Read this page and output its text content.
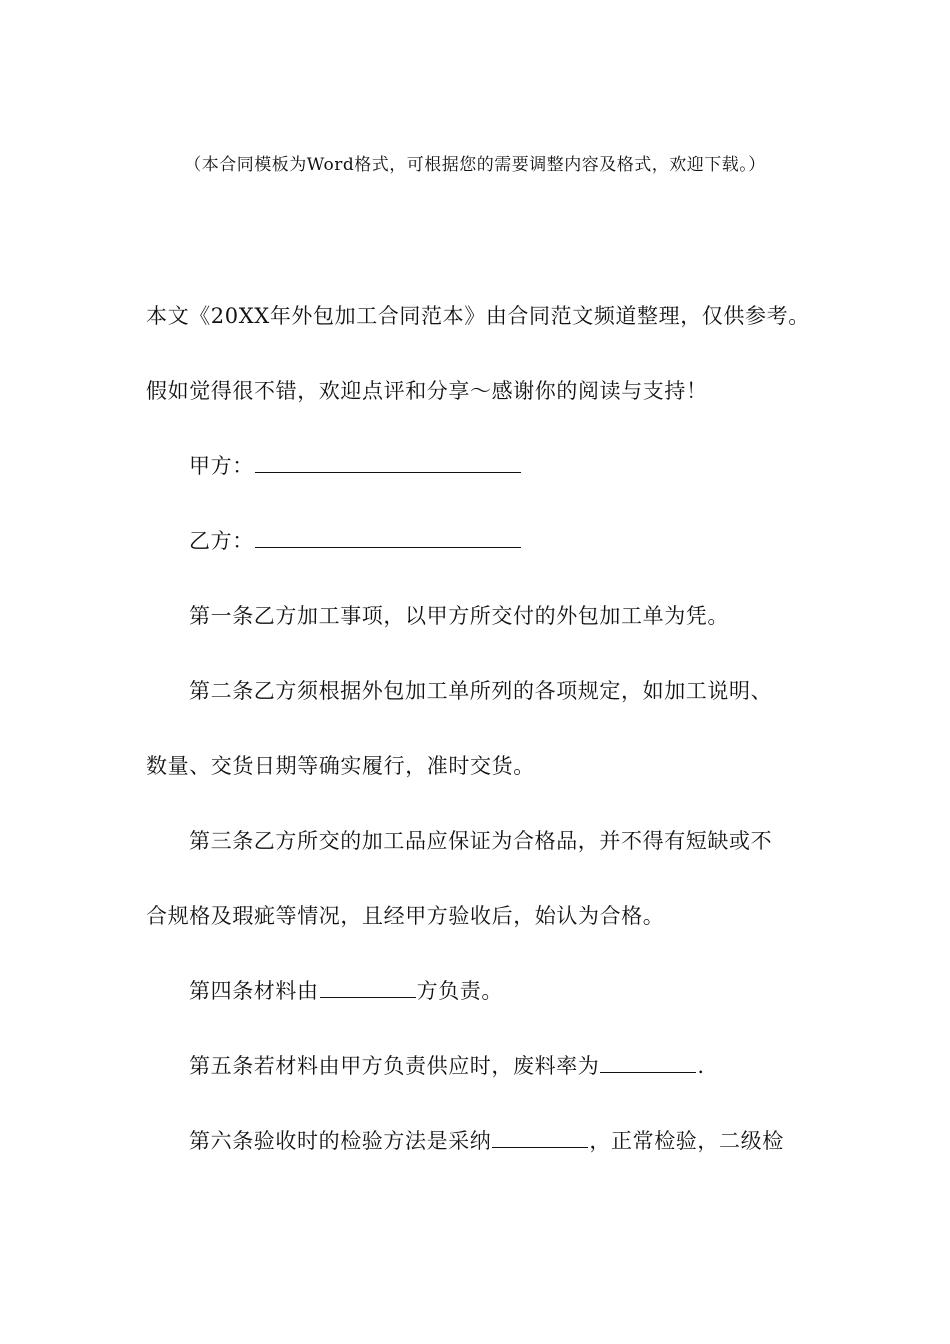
（本合同模板为Word格式，可根据您的需要调整内容及格式，欢迎下载。）
本文《20XX年外包加工合同范本》由合同范文频道整理，仅供参考。
假如觉得很不错，欢迎点评和分享～感谢你的阅读与支持！
甲方：
乙方：
第一条乙方加工事项，以甲方所交付的外包加工单为凭。
第二条乙方须根据外包加工单所列的各项规定，如加工说明、
数量、交货日期等确实履行，准时交货。
第三条乙方所交的加工品应保证为合格品，并不得有短缺或不
合规格及瑕疵等情况，且经甲方验收后，始认为合格。
第四条材料由	方负责。
第五条若材料由甲方负责供应时，废料率为	.
第六条验收时的检验方法是采纳	，正常检验，二级检
